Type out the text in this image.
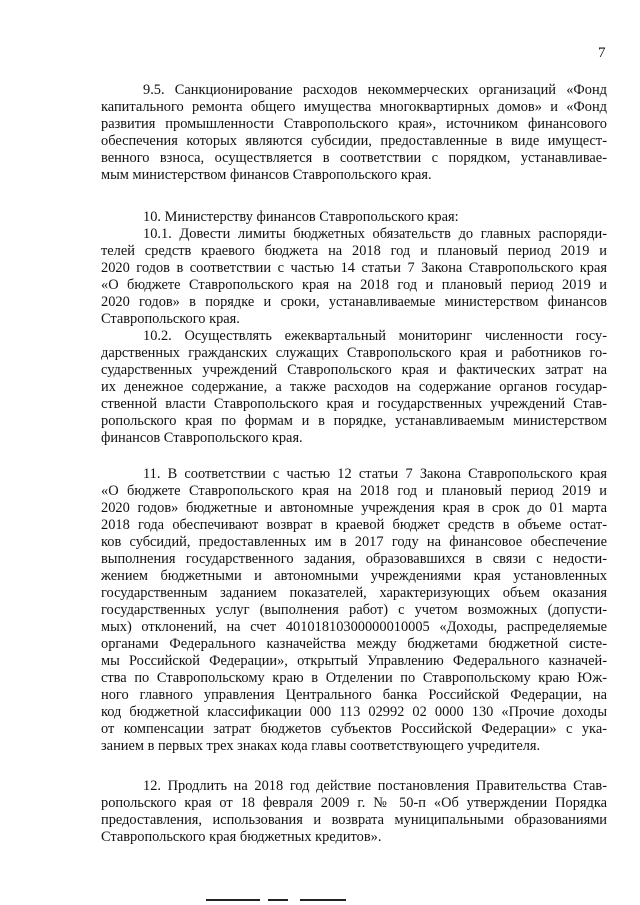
7
9.5. Санкционирование расходов некоммерческих организаций «Фонд
капитального ремонта общего имущества многоквартирных домов» и «Фонд
развития промышленности Ставропольского края», источником финансового
обеспечения которых являются субсидии, предоставленные в виде имущест-
венного взноса, осуществляется в соответствии с порядком, устанавливае-
мым министерством финансов Ставропольского края.
10. Министерству финансов Ставропольского края:
10.1. Довести лимиты бюджетных обязательств до главных распоряди-
телей средств краевого бюджета на 2018 год и плановый период 2019 и
2020 годов в соответствии с частью 14 статьи 7 Закона Ставропольского края
«О бюджете Ставропольского края на 2018 год и плановый период 2019 и
2020 годов» в порядке и сроки, устанавливаемые министерством финансов
Ставропольского края.
10.2. Осуществлять ежеквартальный мониторинг численности госу-
дарственных гражданских служащих Ставропольского края и работников го-
сударственных учреждений Ставропольского края и фактических затрат на
их денежное содержание, а также расходов на содержание органов государ-
ственной власти Ставропольского края и государственных учреждений Став-
ропольского края по формам и в порядке, устанавливаемым министерством
финансов Ставропольского края.
11. В соответствии с частью 12 статьи 7 Закона Ставропольского края
«О бюджете Ставропольского края на 2018 год и плановый период 2019 и
2020 годов» бюджетные и автономные учреждения края в срок до 01 марта
2018 года обеспечивают возврат в краевой бюджет средств в объеме остат-
ков субсидий, предоставленных им в 2017 году на финансовое обеспечение
выполнения государственного задания, образовавшихся в связи с недости-
жением бюджетными и автономными учреждениями края установленных
государственным заданием показателей, характеризующих объем оказания
государственных услуг (выполнения работ) с учетом возможных (допусти-
мых) отклонений, на счет 40101810300000010005 «Доходы, распределяемые
органами Федерального казначейства между бюджетами бюджетной систе-
мы Российской Федерации», открытый Управлению Федерального казначей-
ства по Ставропольскому краю в Отделении по Ставропольскому краю Юж-
ного главного управления Центрального банка Российской Федерации, на
код бюджетной классификации 000 113 02992 02 0000 130 «Прочие доходы
от компенсации затрат бюджетов субъектов Российской Федерации» с ука-
занием в первых трех знаках кода главы соответствующего учредителя.
12. Продлить на 2018 год действие постановления Правительства Став-
ропольского края от 18 февраля 2009 г. № 50-п «Об утверждении Порядка
предоставления, использования и возврата муниципальными образованиями
Ставропольского края бюджетных кредитов».
